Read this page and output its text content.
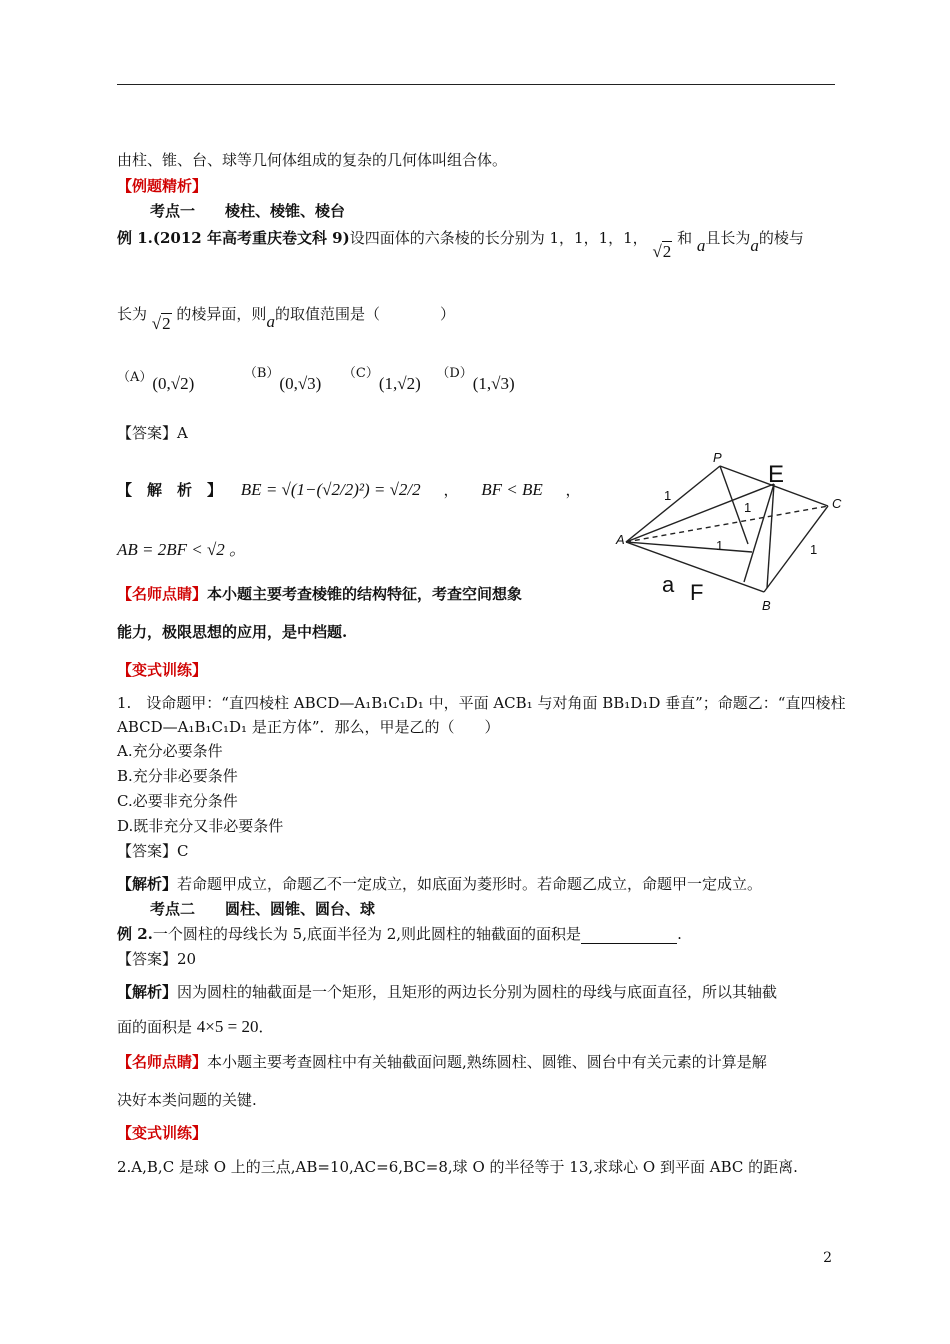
由柱、锥、台、球等几何体组成的复杂的几何体叫组合体。
【例题精析】
考点一　　棱柱、棱锥、棱台
例 1.(2012 年高考重庆卷文科 9)设四面体的六条棱的长分别为 1，1，1，1， √2 和 a且长为a的棱与
长为 √2 的棱异面，则a的取值范围是（　　　　）
（A）(0,√2)  （B）(0,√3)  （C）(1,√2)  （D）(1,√3)
【答案】A
【　解　析　】 BE = √(1−(√2/2)²) = √2/2 ， BF < BE ，
AB = 2BF < √2 。
【名师点睛】本小题主要考查棱锥的结构特征，考查空间想象
能力，极限思想的应用，是中档题.
P
E
C
A
B
F
a
1
1
1	1
【变式训练】
1.　设命题甲：“直四棱柱 ABCD—A₁B₁C₁D₁ 中，平面 ACB₁ 与对角面 BB₁D₁D 垂直”；命题乙：“直四棱柱
ABCD—A₁B₁C₁D₁ 是正方体”．那么，甲是乙的（　　）
A.充分必要条件
B.充分非必要条件
C.必要非充分条件
D.既非充分又非必要条件
【答案】C
【解析】若命题甲成立，命题乙不一定成立，如底面为菱形时。若命题乙成立，命题甲一定成立。
考点二　　圆柱、圆锥、圆台、球
例 2.一个圆柱的母线长为 5,底面半径为 2,则此圆柱的轴截面的面积是	.
【答案】20
【解析】因为圆柱的轴截面是一个矩形，且矩形的两边长分别为圆柱的母线与底面直径，所以其轴截
面的面积是 4×5 = 20．
【名师点睛】本小题主要考查圆柱中有关轴截面问题,熟练圆柱、圆锥、圆台中有关元素的计算是解
决好本类问题的关键.
【变式训练】
2.A,B,C 是球 O 上的三点,AB=10,AC=6,BC=8,球 O 的半径等于 13,求球心 O 到平面 ABC 的距离.
2
